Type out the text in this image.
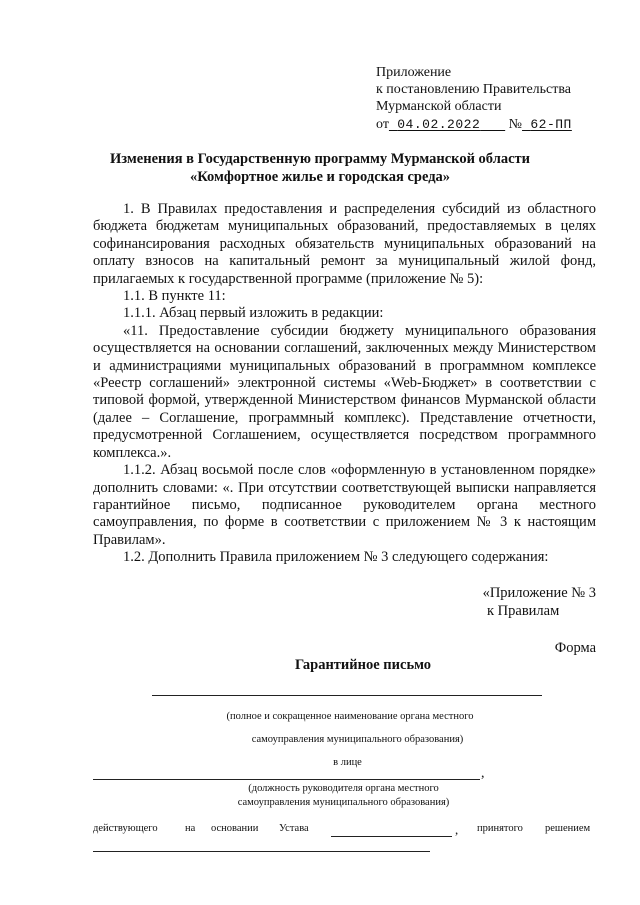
Приложение
к постановлению Правительства
Мурманской области
от 04.02.2022 № 62-ПП
Изменения в Государственную программу Мурманской области
«Комфортное жилье и городская среда»

1. В Правилах предоставления и распределения субсидий из областного бюджета бюджетам муниципальных образований, предоставляемых в целях софинансирования расходных обязательств муниципальных образований на оплату взносов на капитальный ремонт за муниципальный жилой фонд, прилагаемых к государственной программе (приложение № 5):

1.1. В пункте 11:

1.1.1. Абзац первый изложить в редакции:

«11. Предоставление субсидии бюджету муниципального образования осуществляется на основании соглашений, заключенных между Министерством и администрациями муниципальных образований в программном комплексе «Реестр соглашений» электронной системы «Web-Бюджет» в соответствии с типовой формой, утвержденной Министерством финансов Мурманской области (далее – Соглашение, программный комплекс). Представление отчетности, предусмотренной Соглашением, осуществляется посредством программного комплекса.».

1.1.2. Абзац восьмой после слов «оформленную в установленном порядке» дополнить словами: «. При отсутствии соответствующей выписки направляется гарантийное письмо, подписанное руководителем органа местного самоуправления, по форме в соответствии с приложением № 3 к настоящим Правилам».

1.2. Дополнить Правила приложением № 3 следующего содержания:

«Приложение № 3
к Правилам
Форма
Гарантийное письмо
(полное и сокращенное наименование органа местного
самоуправления муниципального образования)
в лице
,
(должность руководителя органа местного
самоуправления муниципального образования)
действующего	на основании Устава	, принятого решением
